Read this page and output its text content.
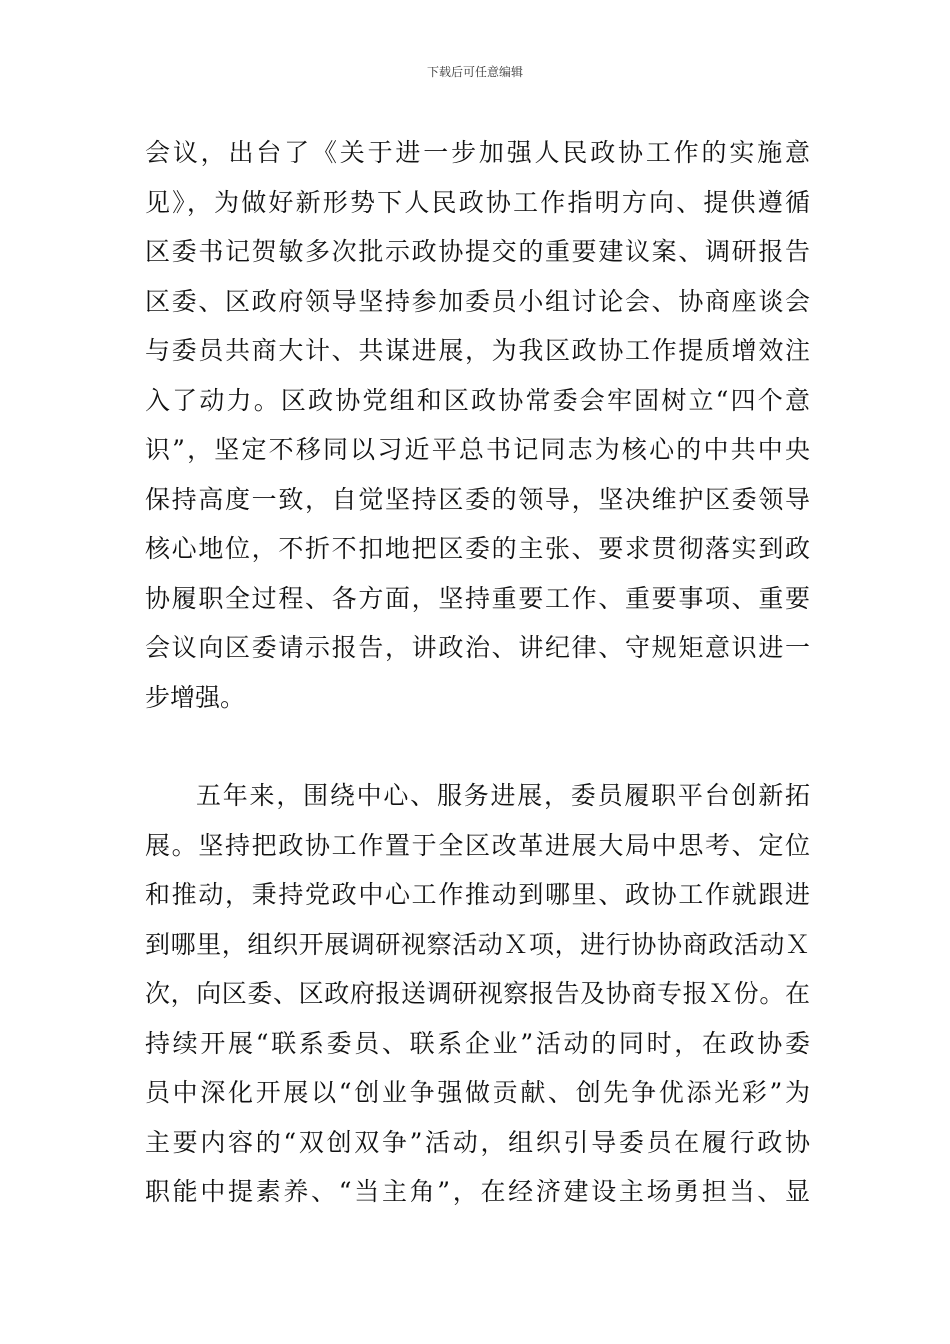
下载后可任意编辑
会议，出台了《关于进一步加强人民政协工作的实施意
见》，为做好新形势下人民政协工作指明方向、提供遵循
区委书记贺敏多次批示政协提交的重要建议案、调研报告
区委、区政府领导坚持参加委员小组讨论会、协商座谈会
与委员共商大计、共谋进展，为我区政协工作提质增效注
入了动力。区政协党组和区政协常委会牢固树立“四个意
识”，坚定不移同以习近平总书记同志为核心的中共中央
保持高度一致，自觉坚持区委的领导，坚决维护区委领导
核心地位，不折不扣地把区委的主张、要求贯彻落实到政
协履职全过程、各方面，坚持重要工作、重要事项、重要
会议向区委请示报告，讲政治、讲纪律、守规矩意识进一
步增强。
五年来，围绕中心、服务进展，委员履职平台创新拓
展。坚持把政协工作置于全区改革进展大局中思考、定位
和推动，秉持党政中心工作推动到哪里、政协工作就跟进
到哪里，组织开展调研视察活动Ｘ项，进行协协商政活动Ｘ
次，向区委、区政府报送调研视察报告及协商专报Ｘ份。在
持续开展“联系委员、联系企业”活动的同时，在政协委
员中深化开展以“创业争强做贡献、创先争优添光彩”为
主要内容的“双创双争”活动，组织引导委员在履行政协
职能中提素养、“当主角”，在经济建设主场勇担当、显
